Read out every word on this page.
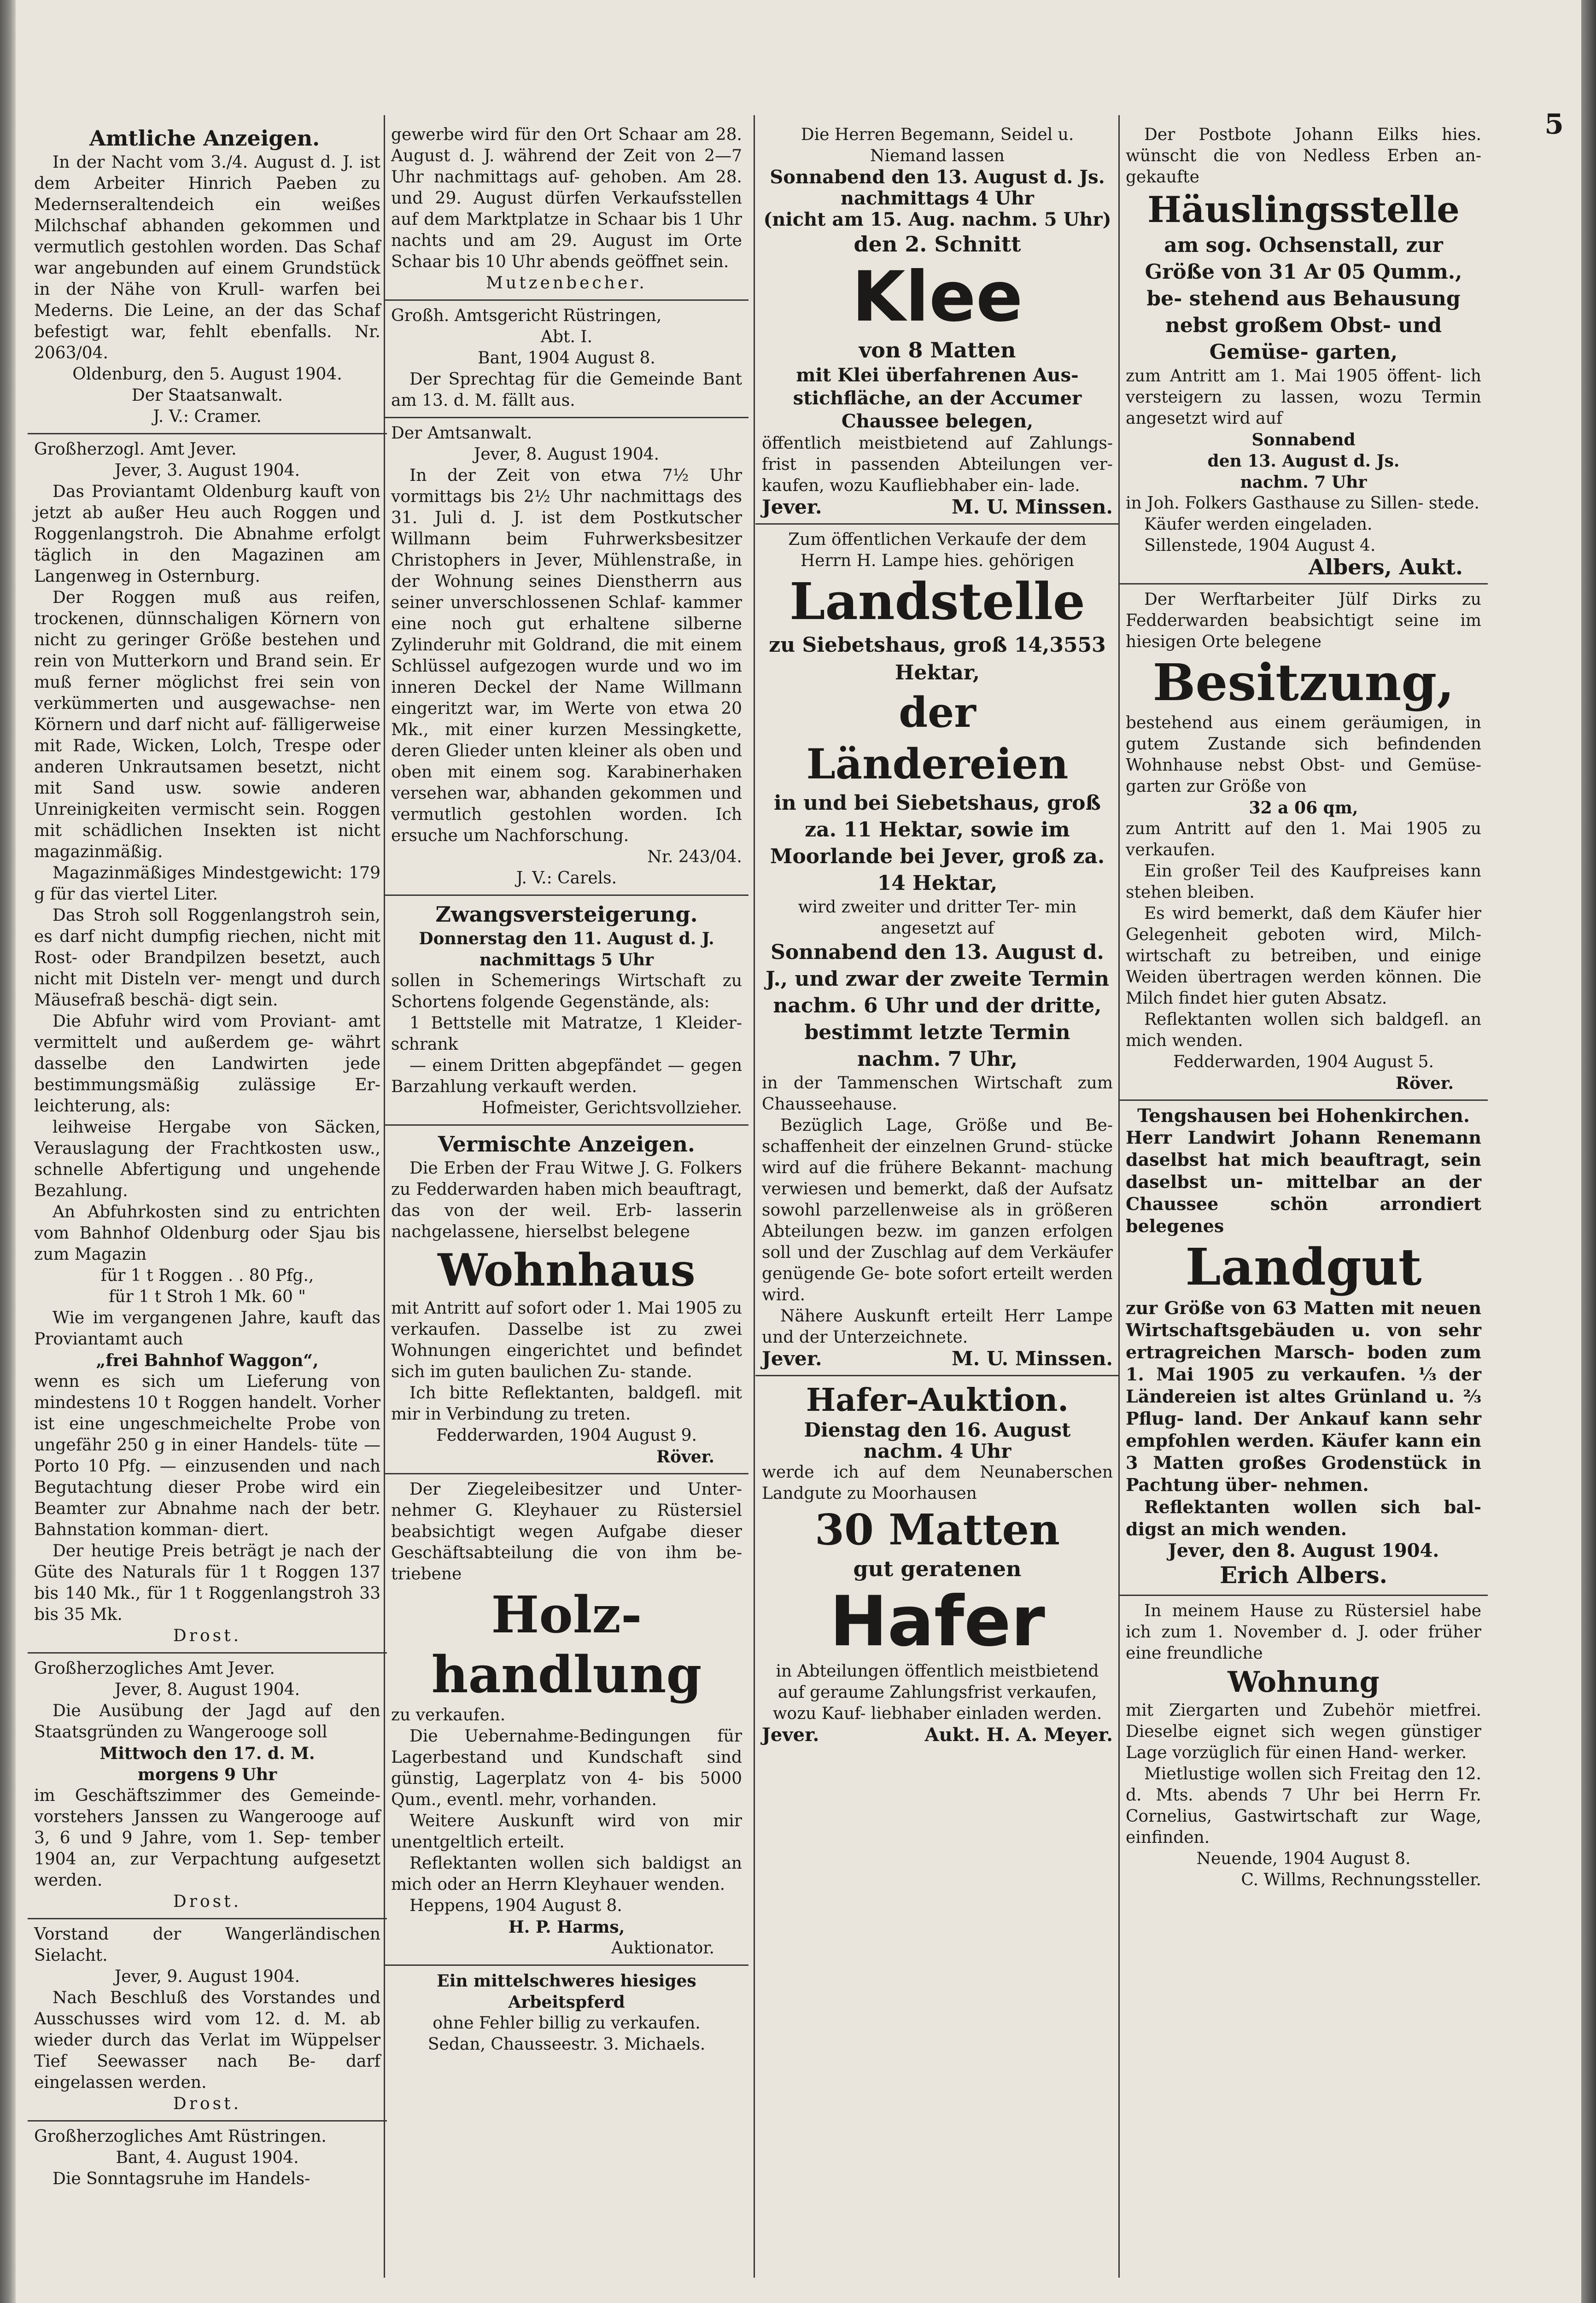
5

Amtliche Anzeigen.

In der Nacht vom 3./4. August d. J. ist dem Arbeiter Hinrich Paeben zu Medernseraltendeich ein weißes Milchschaf abhanden gekommen und vermutlich gestohlen worden. Das Schaf war angebunden auf einem Grundstück in der Nähe von Krull- warfen bei Mederns. Die Leine, an der das Schaf befestigt war, fehlt ebenfalls. Nr. 2063/04.

Oldenburg, den 5. August 1904.

Der Staatsanwalt.

J. V.: Cramer.

Großherzogl. Amt Jever.

Jever, 3. August 1904.

Das Proviantamt Oldenburg kauft von jetzt ab außer Heu auch Roggen und Roggenlangstroh. Die Abnahme erfolgt täglich in den Magazinen am Langenweg in Osternburg.

Der Roggen muß aus reifen, trockenen, dünnschaligen Körnern von nicht zu geringer Größe bestehen und rein von Mutterkorn und Brand sein. Er muß ferner möglichst frei sein von verkümmerten und ausgewachse- nen Körnern und darf nicht auf- fälligerweise mit Rade, Wicken, Lolch, Trespe oder anderen Unkrautsamen besetzt, nicht mit Sand usw. sowie anderen Unreinigkeiten vermischt sein. Roggen mit schädlichen Insekten ist nicht magazinmäßig.

Magazinmäßiges Mindestgewicht: 179 g für das viertel Liter.

Das Stroh soll Roggenlangstroh sein, es darf nicht dumpfig riechen, nicht mit Rost- oder Brandpilzen besetzt, auch nicht mit Disteln ver- mengt und durch Mäusefraß beschä- digt sein.

Die Abfuhr wird vom Proviant- amt vermittelt und außerdem ge- währt dasselbe den Landwirten jede bestimmungsmäßig zulässige Er- leichterung, als:

leihweise Hergabe von Säcken, Verauslagung der Frachtkosten usw., schnelle Abfertigung und ungehende Bezahlung.

An Abfuhrkosten sind zu entrichten vom Bahnhof Oldenburg oder Sjau bis zum Magazin

für 1 t Roggen . . 80 Pfg.,

für 1 t Stroh 1 Mk. 60 "

Wie im vergangenen Jahre, kauft das Proviantamt auch

„frei Bahnhof Waggon“,

wenn es sich um Lieferung von mindestens 10 t Roggen handelt. Vorher ist eine ungeschmeichelte Probe von ungefähr 250 g in einer Handels- tüte — Porto 10 Pfg. — einzusenden und nach Begutachtung dieser Probe wird ein Beamter zur Abnahme nach der betr. Bahnstation komman- diert.

Der heutige Preis beträgt je nach der Güte des Naturals für 1 t Roggen 137 bis 140 Mk., für 1 t Roggenlangstroh 33 bis 35 Mk.

Drost.

Großherzogliches Amt Jever.

Jever, 8. August 1904.

Die Ausübung der Jagd auf den Staatsgründen zu Wangerooge soll

Mittwoch den 17. d. M.

morgens 9 Uhr

im Geschäftszimmer des Gemeinde- vorstehers Janssen zu Wangerooge auf 3, 6 und 9 Jahre, vom 1. Sep- tember 1904 an, zur Verpachtung aufgesetzt werden.

Drost.

Vorstand der Wangerländischen Sielacht.

Jever, 9. August 1904.

Nach Beschluß des Vorstandes und Ausschusses wird vom 12. d. M. ab wieder durch das Verlat im Wüppelser Tief Seewasser nach Be- darf eingelassen werden.

Drost.

Großherzogliches Amt Rüstringen.

Bant, 4. August 1904.

Die Sonntagsruhe im Handels-

gewerbe wird für den Ort Schaar am 28. August d. J. während der Zeit von 2—7 Uhr nachmittags auf- gehoben. Am 28. und 29. August dürfen Verkaufsstellen auf dem Marktplatze in Schaar bis 1 Uhr nachts und am 29. August im Orte Schaar bis 10 Uhr abends geöffnet sein.

Mutzenbecher.

Großh. Amtsgericht Rüstringen,

Abt. I.

Bant, 1904 August 8.

Der Sprechtag für die Gemeinde Bant am 13. d. M. fällt aus.

Der Amtsanwalt.

Jever, 8. August 1904.

In der Zeit von etwa 7½ Uhr vormittags bis 2½ Uhr nachmittags des 31. Juli d. J. ist dem Postkutscher Willmann beim Fuhrwerksbesitzer Christophers in Jever, Mühlenstraße, in der Wohnung seines Dienstherrn aus seiner unverschlossenen Schlaf- kammer eine noch gut erhaltene silberne Zylinderuhr mit Goldrand, die mit einem Schlüssel aufgezogen wurde und wo im inneren Deckel der Name Willmann eingeritzt war, im Werte von etwa 20 Mk., mit einer kurzen Messingkette, deren Glieder unten kleiner als oben und oben mit einem sog. Karabinerhaken versehen war, abhanden gekommen und vermutlich gestohlen worden. Ich ersuche um Nachforschung.

Nr. 243/04.

J. V.: Carels.

Zwangsversteigerung.

Donnerstag den 11. August d. J.

nachmittags 5 Uhr

sollen in Schemerings Wirtschaft zu Schortens folgende Gegenstände, als:

1 Bettstelle mit Matratze, 1 Kleider- schrank

— einem Dritten abgepfändet — gegen Barzahlung verkauft werden.

Hofmeister, Gerichtsvollzieher.

Vermischte Anzeigen.

Die Erben der Frau Witwe J. G. Folkers zu Fedderwarden haben mich beauftragt, das von der weil. Erb- lasserin nachgelassene, hierselbst belegene

Wohnhaus

mit Antritt auf sofort oder 1. Mai 1905 zu verkaufen. Dasselbe ist zu zwei Wohnungen eingerichtet und befindet sich im guten baulichen Zu- stande.

Ich bitte Reflektanten, baldgefl. mit mir in Verbindung zu treten.

Fedderwarden, 1904 August 9.

Röver.

Der Ziegeleibesitzer und Unter- nehmer G. Kleyhauer zu Rüstersiel beabsichtigt wegen Aufgabe dieser Geschäftsabteilung die von ihm be- triebene

Holz-

handlung

zu verkaufen.

Die Uebernahme-Bedingungen für Lagerbestand und Kundschaft sind günstig, Lagerplatz von 4- bis 5000 Qum., eventl. mehr, vorhanden.

Weitere Auskunft wird von mir unentgeltlich erteilt.

Reflektanten wollen sich baldigst an mich oder an Herrn Kleyhauer wenden.

Heppens, 1904 August 8.

H. P. Harms,

Auktionator.

Ein mittelschweres hiesiges Arbeitspferd

ohne Fehler billig zu verkaufen.

Sedan, Chausseestr. 3. Michaels.

Die Herren Begemann, Seidel u. Niemand lassen

Sonnabend den 13. August d. Js.

nachmittags 4 Uhr

(nicht am 15. Aug. nachm. 5 Uhr)

den 2. Schnitt

Klee

von 8 Matten

mit Klei überfahrenen Aus- stichfläche, an der Accumer Chaussee belegen,

öffentlich meistbietend auf Zahlungs- frist in passenden Abteilungen ver- kaufen, wozu Kaufliebhaber ein- lade.

Jever.	M. U. Minssen.

Zum öffentlichen Verkaufe der dem Herrn H. Lampe hies. gehörigen

Landstelle

zu Siebetshaus, groß 14,3553 Hektar,

der Ländereien

in und bei Siebetshaus, groß za. 11 Hektar, sowie im Moorlande bei Jever, groß za. 14 Hektar,

wird zweiter und dritter Ter- min angesetzt auf

Sonnabend den 13. August d. J., und zwar der zweite Termin nachm. 6 Uhr und der dritte, bestimmt letzte Termin nachm. 7 Uhr,

in der Tammenschen Wirtschaft zum Chausseehause.

Bezüglich Lage, Größe und Be- schaffenheit der einzelnen Grund- stücke wird auf die frühere Bekannt- machung verwiesen und bemerkt, daß der Aufsatz sowohl parzellenweise als in größeren Abteilungen bezw. im ganzen erfolgen soll und der Zuschlag auf dem Verkäufer genügende Ge- bote sofort erteilt werden wird.

Nähere Auskunft erteilt Herr Lampe und der Unterzeichnete.

Jever.	M. U. Minssen.

Hafer-Auktion.

Dienstag den 16. August

nachm. 4 Uhr

werde ich auf dem Neunaberschen Landgute zu Moorhausen

30 Matten

gut geratenen

Hafer

in Abteilungen öffentlich meistbietend auf geraume Zahlungsfrist verkaufen, wozu Kauf- liebhaber einladen werden.

Jever.	Aukt. H. A. Meyer.

Der Postbote Johann Eilks hies. wünscht die von Nedless Erben an- gekaufte

Häuslingsstelle

am sog. Ochsenstall, zur Größe von 31 Ar 05 Qumm., be- stehend aus Behausung nebst großem Obst- und Gemüse- garten,

zum Antritt am 1. Mai 1905 öffent- lich versteigern zu lassen, wozu Termin angesetzt wird auf

Sonnabend

den 13. August d. Js.

nachm. 7 Uhr

in Joh. Folkers Gasthause zu Sillen- stede.

Käufer werden eingeladen.

Sillenstede, 1904 August 4.

Albers, Aukt.

Der Werftarbeiter Jülf Dirks zu Fedderwarden beabsichtigt seine im hiesigen Orte belegene

Besitzung,

bestehend aus einem geräumigen, in gutem Zustande sich befindenden Wohnhause nebst Obst- und Gemüse- garten zur Größe von

32 a 06 qm,

zum Antritt auf den 1. Mai 1905 zu verkaufen.

Ein großer Teil des Kaufpreises kann stehen bleiben.

Es wird bemerkt, daß dem Käufer hier Gelegenheit geboten wird, Milch- wirtschaft zu betreiben, und einige Weiden übertragen werden können. Die Milch findet hier guten Absatz.

Reflektanten wollen sich baldgefl. an mich wenden.

Fedderwarden, 1904 August 5.

Röver.

Tengshausen bei Hohenkirchen.

Herr Landwirt Johann Renemann daselbst hat mich beauftragt, sein daselbst un- mittelbar an der Chaussee schön arrondiert belegenes

Landgut

zur Größe von 63 Matten mit neuen Wirtschaftsgebäuden u. von sehr ertragreichen Marsch- boden zum 1. Mai 1905 zu verkaufen. ⅓ der Ländereien ist altes Grünland u. ⅔ Pflug- land. Der Ankauf kann sehr empfohlen werden. Käufer kann ein 3 Matten großes Grodenstück in Pachtung über- nehmen.

Reflektanten wollen sich bal- digst an mich wenden.

Jever, den 8. August 1904.

Erich Albers.

In meinem Hause zu Rüstersiel habe ich zum 1. November d. J. oder früher eine freundliche

Wohnung

mit Ziergarten und Zubehör mietfrei. Dieselbe eignet sich wegen günstiger Lage vorzüglich für einen Hand- werker.

Mietlustige wollen sich Freitag den 12. d. Mts. abends 7 Uhr bei Herrn Fr. Cornelius, Gastwirtschaft zur Wage, einfinden.

Neuende, 1904 August 8.

C. Willms, Rechnungssteller.
